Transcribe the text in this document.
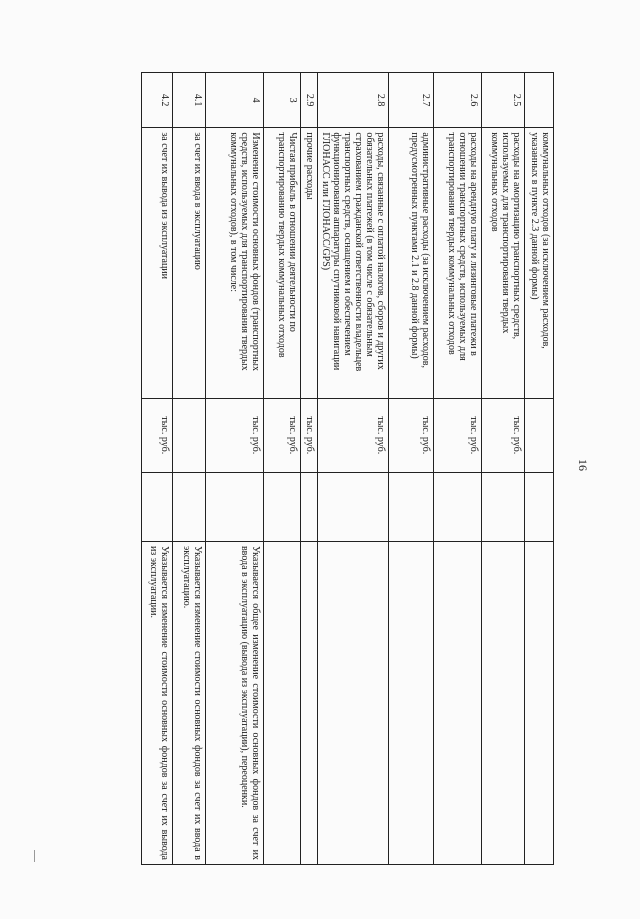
16
	коммунальных отходов (за исключением расходов, указанных в пункте 2.3 данной формы)			
2.5	расходы на амортизацию транспортных средств, используемых для транспортирования твердых коммунальных отходов	тыс. руб.		
2.6	расходы на арендную плату и лизинговые платежи в отношении транспортных средств, используемых для транспортирования твердых коммунальных отходов	тыс. руб.		
2.7	административные расходы (за исключением расходов, предусмотренных пунктами 2.1 и 2.8 данной формы)	тыс. руб.		
2.8	расходы, связанные с оплатой налогов, сборов и других обязательных платежей (в том числе с обязательным страхованием гражданской ответственности владельцев транспортных средств, оснащением и обеспечением функционирования аппаратуры спутниковой навигации ГЛОНАСС или ГЛОНАСС/GPS)	тыс. руб.		
2.9	прочие расходы	тыс. руб.		
3	Чистая прибыль в отношении деятельности по транспортированию твердых коммунальных отходов	тыс. руб.		
4	Изменение стоимости основных фондов (транспортных средств, используемых для транспортирования твердых коммунальных отходов), в том числе:	тыс. руб.		Указывается общее изменение стоимости основных фондов за счет их ввода в эксплуатацию (вывода из эксплуатации), переоценки.
4.1	за счет их ввода в эксплуатацию			Указывается изменение стоимости основных фондов за счет их ввода в эксплуатацию.
4.2	за счет их вывода из эксплуатации	тыс. руб.		Указывается изменение стоимости основных фондов за счет их вывода из эксплуатации.
